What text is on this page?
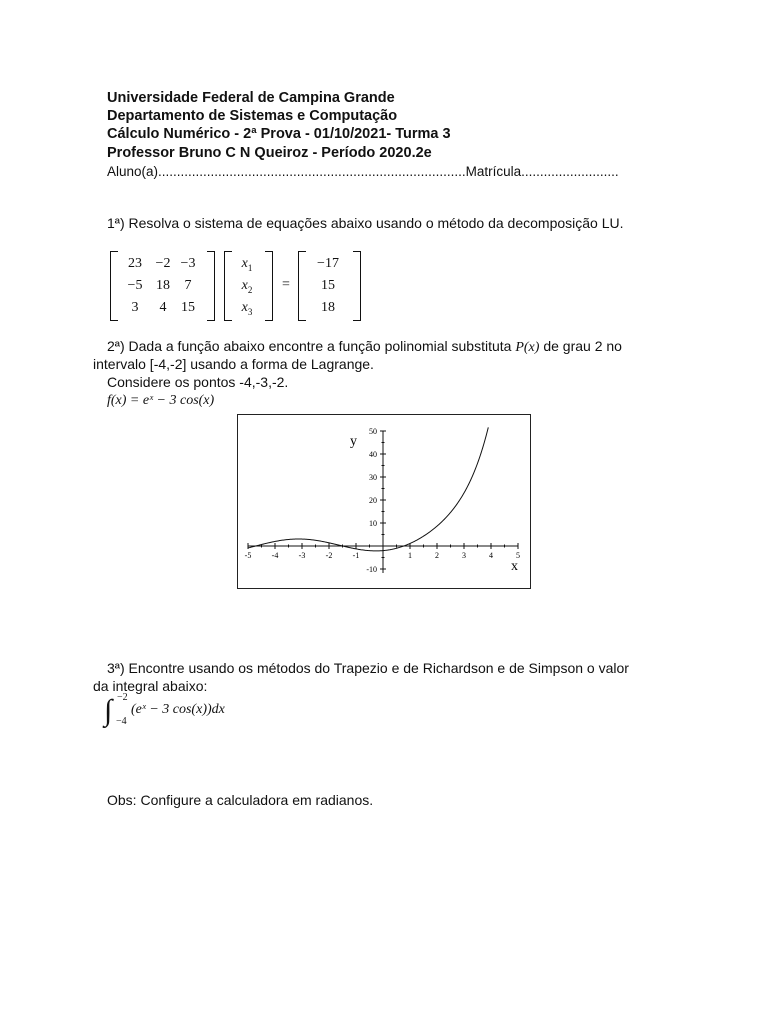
Universidade Federal de Campina Grande
Departamento de Sistemas e Computação
Cálculo Numérico - 2ª Prova - 01/10/2021- Turma 3
Professor Bruno C N Queiroz - Período 2020.2e
Aluno(a)..................................................................................Matrícula..........................
1ª) Resolva o sistema de equações abaixo usando o método da decomposição LU.
23 −2 −3
−5 18	7
3	4	15
$x_1$
$x_2$
$x_3$
=
−17
15
18
2ª) Dada a função abaixo encontre a função polinomial substituta P(x) de grau 2 no
intervalo [-4,-2] usando a forma de Lagrange.
Considere os pontos -4,-3,-2.
f(x) = eˣ − 3 cos(x)
-5	-4	-3	-2	-1	1	2	3	4	5
50
40
30
20
10
-10	x
y
3ª) Encontre usando os métodos do Trapezio e de Richardson e de Simpson o valor
da integral abaixo:
∫ −2
−4
(eˣ − 3 cos(x))dx
Obs: Configure a calculadora em radianos.
